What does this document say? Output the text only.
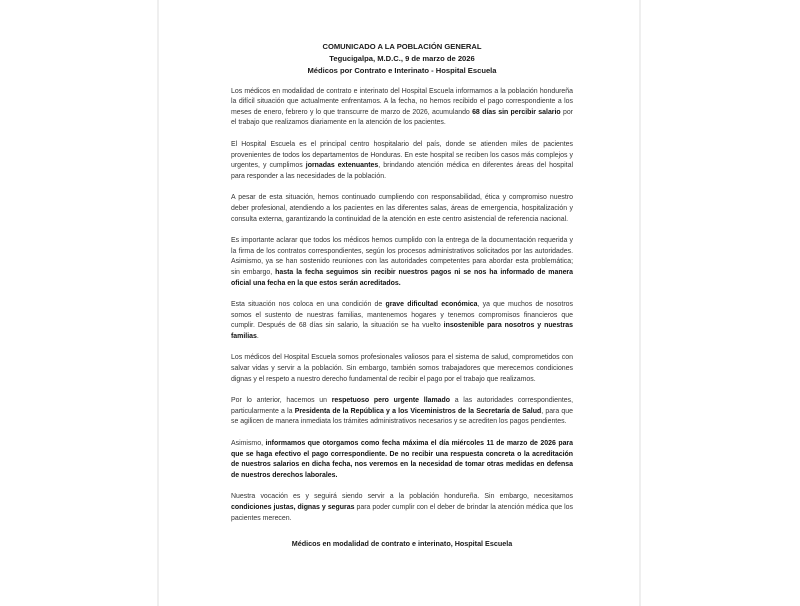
COMUNICADO A LA POBLACIÓN GENERAL
Tegucigalpa, M.D.C., 9 de marzo de 2026
Médicos por Contrato e Interinato - Hospital Escuela

Los médicos en modalidad de contrato e interinato del Hospital Escuela informamos a la población hondureña la difícil situación que actualmente enfrentamos. A la fecha, no hemos recibido el pago correspondiente a los meses de enero, febrero y lo que transcurre de marzo de 2026, acumulando 68 días sin percibir salario por el trabajo que realizamos diariamente en la atención de los pacientes.

El Hospital Escuela es el principal centro hospitalario del país, donde se atienden miles de pacientes provenientes de todos los departamentos de Honduras. En este hospital se reciben los casos más complejos y urgentes, y cumplimos jornadas extenuantes, brindando atención médica en diferentes áreas del hospital para responder a las necesidades de la población.

A pesar de esta situación, hemos continuado cumpliendo con responsabilidad, ética y compromiso nuestro deber profesional, atendiendo a los pacientes en las diferentes salas, áreas de emergencia, hospitalización y consulta externa, garantizando la continuidad de la atención en este centro asistencial de referencia nacional.

Es importante aclarar que todos los médicos hemos cumplido con la entrega de la documentación requerida y la firma de los contratos correspondientes, según los procesos administrativos solicitados por las autoridades. Asimismo, ya se han sostenido reuniones con las autoridades competentes para abordar esta problemática; sin embargo, hasta la fecha seguimos sin recibir nuestros pagos ni se nos ha informado de manera oficial una fecha en la que estos serán acreditados.

Esta situación nos coloca en una condición de grave dificultad económica, ya que muchos de nosotros somos el sustento de nuestras familias, mantenemos hogares y tenemos compromisos financieros que cumplir. Después de 68 días sin salario, la situación se ha vuelto insostenible para nosotros y nuestras familias.

Los médicos del Hospital Escuela somos profesionales valiosos para el sistema de salud, comprometidos con salvar vidas y servir a la población. Sin embargo, también somos trabajadores que merecemos condiciones dignas y el respeto a nuestro derecho fundamental de recibir el pago por el trabajo que realizamos.

Por lo anterior, hacemos un respetuoso pero urgente llamado a las autoridades correspondientes, particularmente a la Presidenta de la República y a los Viceministros de la Secretaría de Salud, para que se agilicen de manera inmediata los trámites administrativos necesarios y se acrediten los pagos pendientes.

Asimismo, informamos que otorgamos como fecha máxima el día miércoles 11 de marzo de 2026 para que se haga efectivo el pago correspondiente. De no recibir una respuesta concreta o la acreditación de nuestros salarios en dicha fecha, nos veremos en la necesidad de tomar otras medidas en defensa de nuestros derechos laborales.

Nuestra vocación es y seguirá siendo servir a la población hondureña. Sin embargo, necesitamos condiciones justas, dignas y seguras para poder cumplir con el deber de brindar la atención médica que los pacientes merecen.

Médicos en modalidad de contrato e interinato, Hospital Escuela
